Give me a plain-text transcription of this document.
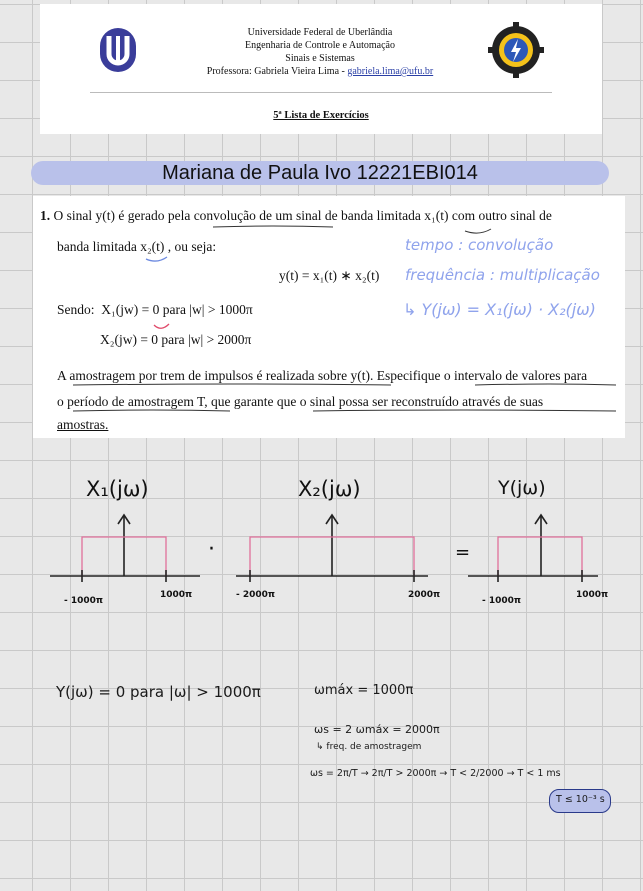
Universidade Federal de Uberlândia
Engenharia de Controle e Automação
Sinais e Sistemas
Professora: Gabriela Vieira Lima - gabriela.lima@ufu.br
5ª Lista de Exercícios
Mariana de Paula Ivo 12221EBI014
1. O sinal y(t) é gerado pela convolução de um sinal de banda limitada x₁(t) com outro sinal de
banda limitada x₂(t) , ou seja:
y(t) = x₁(t) ∗ x₂(t)
Sendo: X₁(jw) = 0 para |w| > 1000π
X₂(jw) = 0 para |w| > 2000π
A amostragem por trem de impulsos é realizada sobre y(t). Especifique o intervalo de valores para
o período de amostragem T, que garante que o sinal possa ser reconstruído através de suas
amostras.
tempo : convolução
frequência : multiplicação
↳ Y(jω) = X₁(jω) · X₂(jω)
X₁(jω)
- 1000π
1000π
·
X₂(jω)
- 2000π	2000π
=
Y(jω)
- 1000π
1000π
Y(jω) = 0 para |ω| > 1000π	ωmáx = 1000π
ωs = 2 ωmáx = 2000π
↳ freq. de amostragem
ωs = 2π/T → 2π/T > 2000π → T < 2/2000 → T < 1 ms
T ≤ 10⁻³ s
